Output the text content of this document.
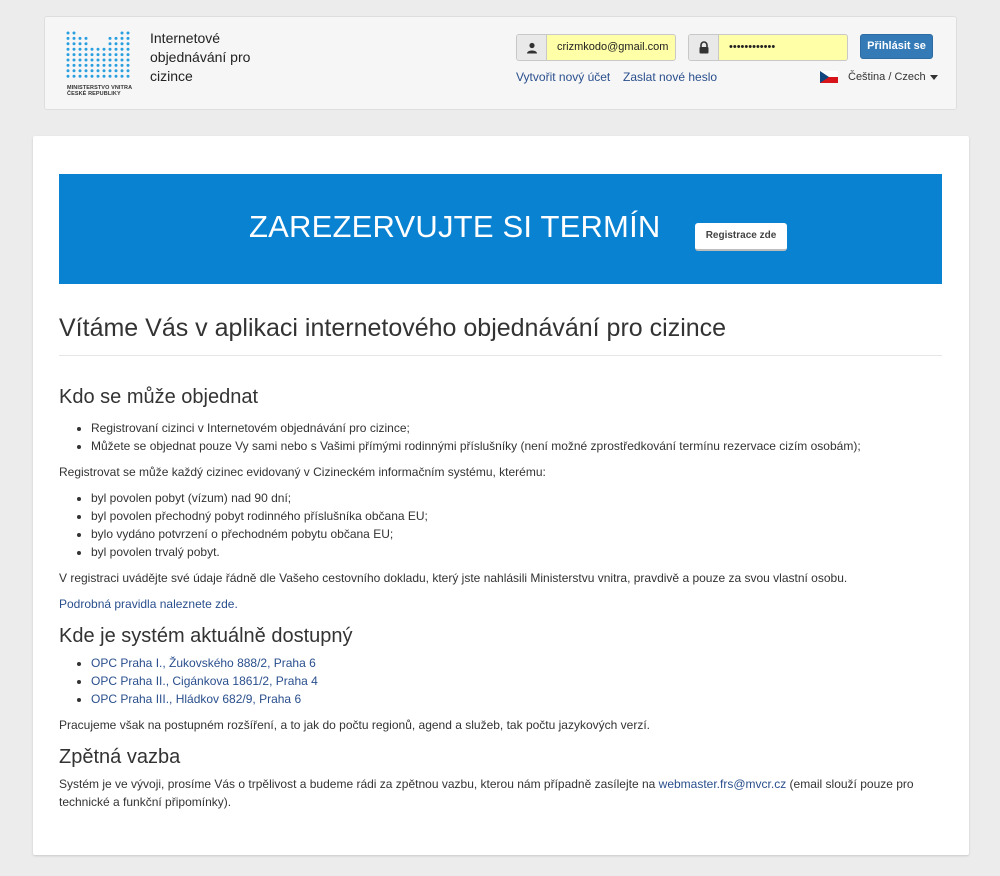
MINISTERSTVO VNITRA
ČESKÉ REPUBLIKY
Internetové objednávání pro cizince
crizmkodo@gmail.com	••••••••••••	Přihlásit se
Vytvořit nový účet Zaslat nové heslo	Čeština / Czech
ZAREZERVUJTE SI TERMÍN	Registrace zde
Vítáme Vás v aplikaci internetového objednávání pro cizince
Kdo se může objednat
• Registrovaní cizinci v Internetovém objednávání pro cizince;
• Můžete se objednat pouze Vy sami nebo s Vašimi přímými rodinnými příslušníky (není možné zprostředkování termínu rezervace cizím osobám);

Registrovat se může každý cizinec evidovaný v Cizineckém informačním systému, kterému:

• byl povolen pobyt (vízum) nad 90 dní;
• byl povolen přechodný pobyt rodinného příslušníka občana EU;
• bylo vydáno potvrzení o přechodném pobytu občana EU;
• byl povolen trvalý pobyt.

V registraci uvádějte své údaje řádně dle Vašeho cestovního dokladu, který jste nahlásili Ministerstvu vnitra, pravdivě a pouze za svou vlastní osobu.

Podrobná pravidla naleznete zde.

Kde je systém aktuálně dostupný
• OPC Praha I., Žukovského 888/2, Praha 6
• OPC Praha II., Cigánkova 1861/2, Praha 4
• OPC Praha III., Hládkov 682/9, Praha 6

Pracujeme však na postupném rozšíření, a to jak do počtu regionů, agend a služeb, tak počtu jazykových verzí.

Zpětná vazba

Systém je ve vývoji, prosíme Vás o trpělivost a budeme rádi za zpětnou vazbu, kterou nám případně zasílejte na webmaster.frs@mvcr.cz (email slouží pouze pro technické a funkční připomínky).
